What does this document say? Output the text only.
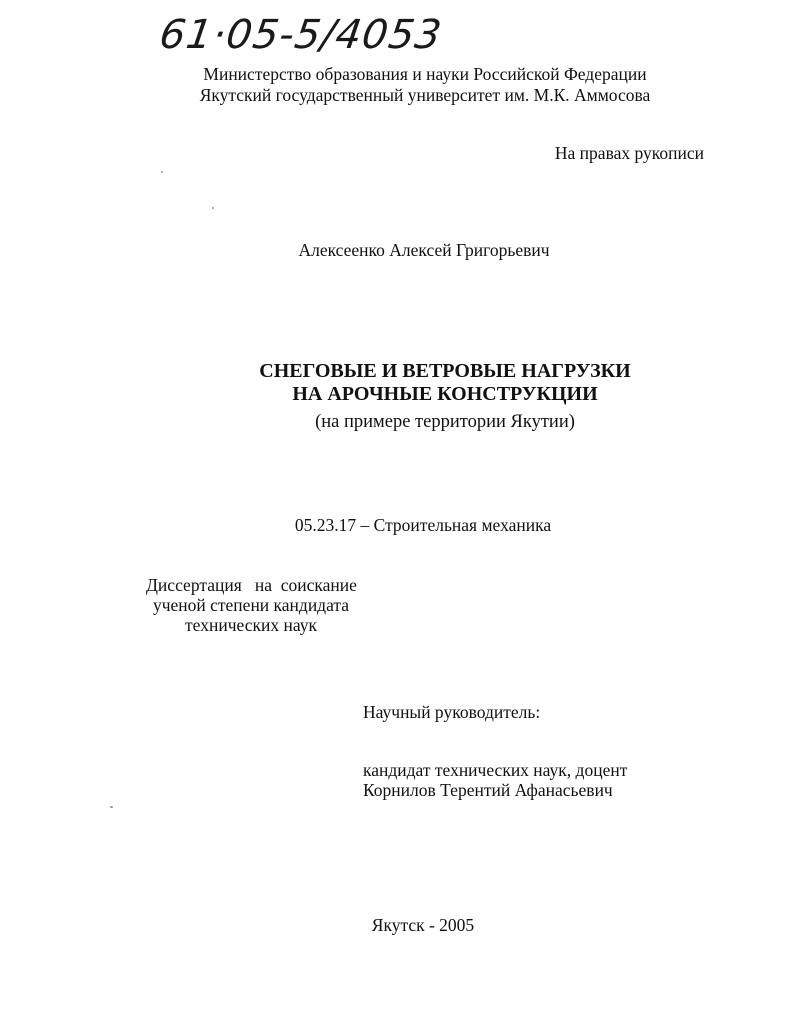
61·05-5/4053
Министерство образования и науки Российской Федерации
Якутский государственный университет им. М.К. Аммосова
На правах рукописи
Алексеенко Алексей Григорьевич
СНЕГОВЫЕ И ВЕТРОВЫЕ НАГРУЗКИ
НА АРОЧНЫЕ КОНСТРУКЦИИ
(на примере территории Якутии)
05.23.17 – Строительная механика
Диссертация   на  соискание
ученой степени кандидата
технических наук
Научный руководитель:
кандидат технических наук, доцент
Корнилов Терентий Афанасьевич
Якутск - 2005
